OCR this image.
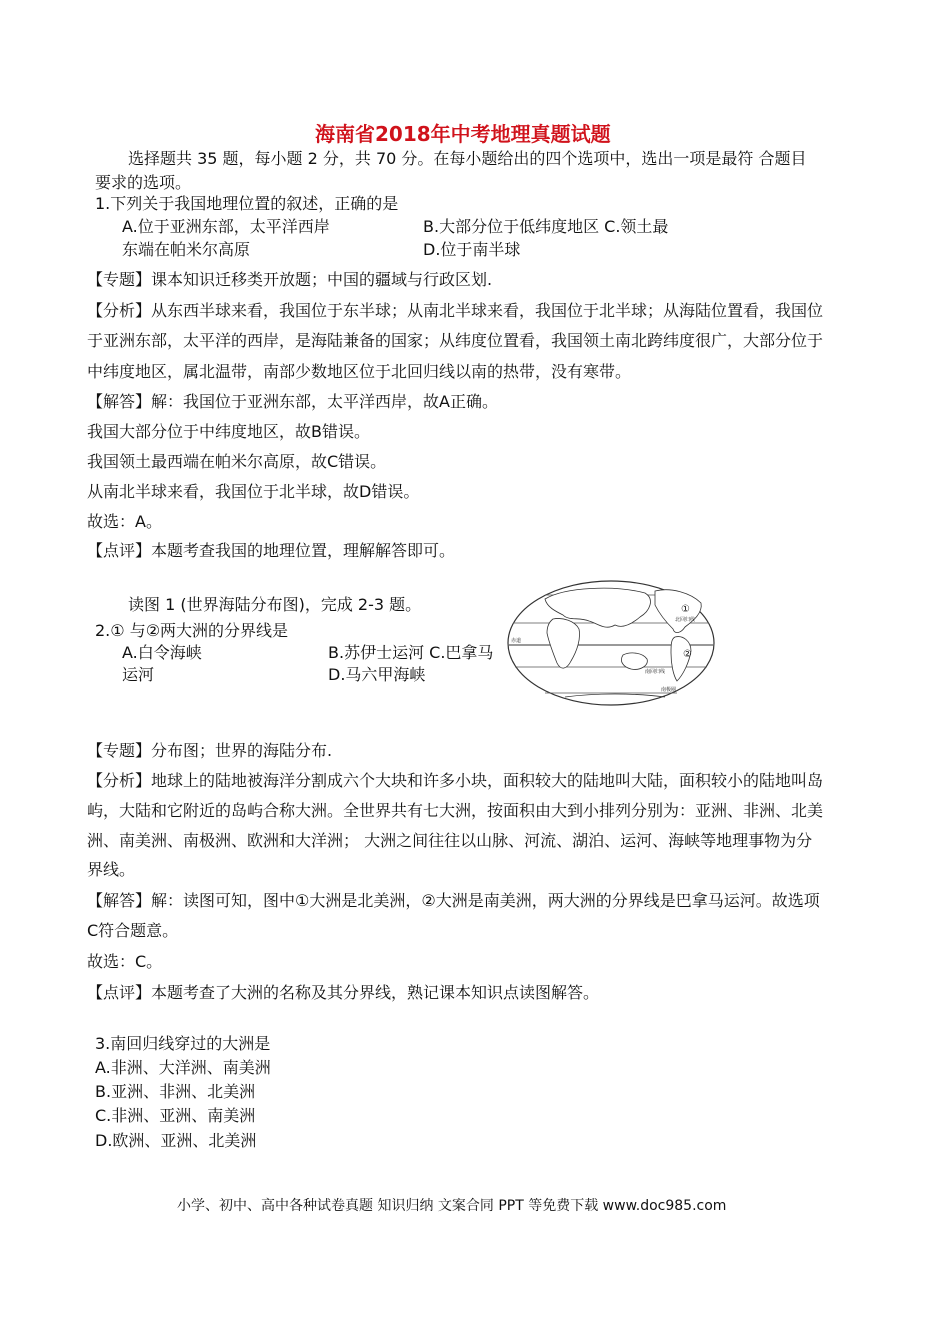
海南省2018年中考地理真题试题
选择题共 35 题，每小题 2 分，共 70 分。在每小题给出的四个选项中，选出一项是最符 合题目
要求的选项。
1.下列关于我国地理位置的叙述，正确的是
A.位于亚洲东部，太平洋西岸	B.大部分位于低纬度地区 C.领土最
东端在帕米尔高原	D.位于南半球
【专题】课本知识迁移类开放题；中国的疆域与行政区划.
【分析】从东西半球来看，我国位于东半球；从南北半球来看，我国位于北半球；从海陆位置看，我国位
于亚洲东部，太平洋的西岸，是海陆兼备的国家；从纬度位置看，我国领土南北跨纬度很广，大部分位于
中纬度地区，属北温带，南部少数地区位于北回归线以南的热带，没有寒带。
【解答】解：我国位于亚洲东部，太平洋西岸，故A正确。
我国大部分位于中纬度地区，故B错误。
我国领土最西端在帕米尔高原，故C错误。
从南北半球来看，我国位于北半球，故D错误。
故选：A。
【点评】本题考查我国的地理位置，理解解答即可。
读图 1 (世界海陆分布图)，完成 2-3 题。
2.① 与②两大洲的分界线是
A.白令海峡	B.苏伊士运河 C.巴拿马
运河	D.马六甲海峡
①
②
北回归线
赤道
南回归线
南极圈
【专题】分布图；世界的海陆分布.
【分析】地球上的陆地被海洋分割成六个大块和许多小块，面积较大的陆地叫大陆，面积较小的陆地叫岛
屿，大陆和它附近的岛屿合称大洲。全世界共有七大洲，按面积由大到小排列分别为：亚洲、非洲、北美
洲、南美洲、南极洲、欧洲和大洋洲； 大洲之间往往以山脉、河流、湖泊、运河、海峡等地理事物为分
界线。
【解答】解：读图可知，图中①大洲是北美洲，②大洲是南美洲，两大洲的分界线是巴拿马运河。故选项
C符合题意。
故选：C。
【点评】本题考查了大洲的名称及其分界线，熟记课本知识点读图解答。
3.南回归线穿过的大洲是
A.非洲、大洋洲、南美洲
B.亚洲、非洲、北美洲
C.非洲、亚洲、南美洲
D.欧洲、亚洲、北美洲
小学、初中、高中各种试卷真题 知识归纳 文案合同 PPT 等免费下载 www.doc985.com
